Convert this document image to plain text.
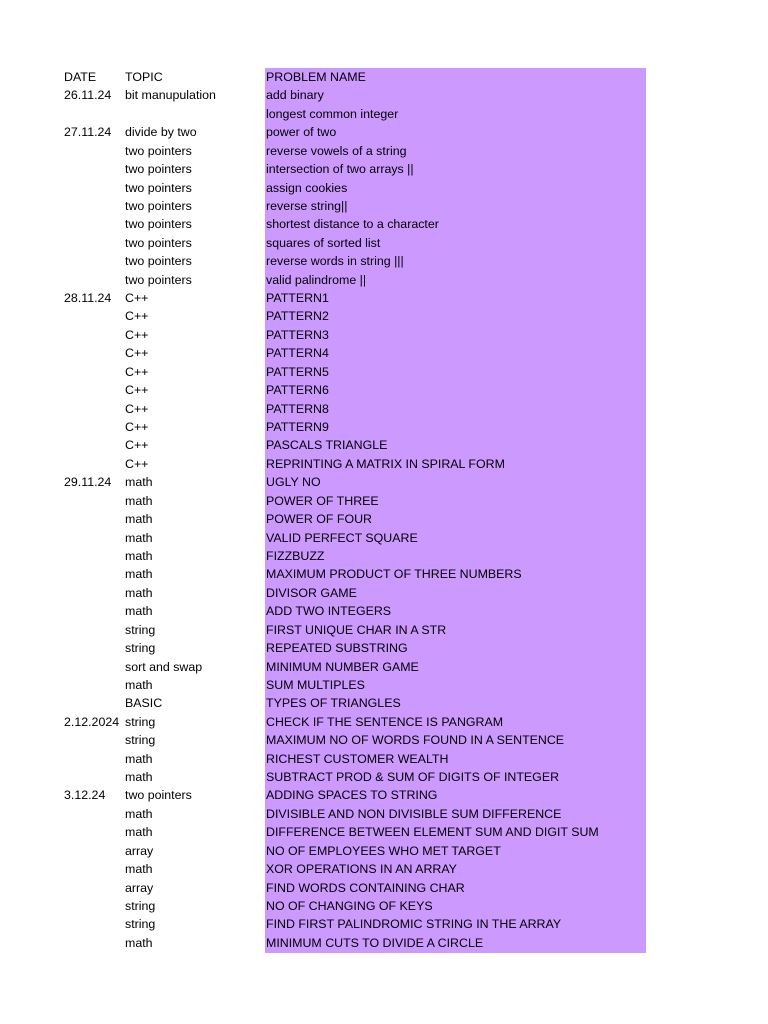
DATE TOPIC	PROBLEM NAME
26.11.24 bit manupulation	add binary
longest common integer
27.11.24 divide by two	power of two
two pointers	reverse vowels of a string
two pointers	intersection of two arrays ||
two pointers	assign cookies
two pointers	reverse string||
two pointers	shortest distance to a character
two pointers	squares of sorted list
two pointers	reverse words in string |||
two pointers	valid palindrome ||
28.11.24 C++	PATTERN1
C++	PATTERN2
C++	PATTERN3
C++	PATTERN4
C++	PATTERN5
C++	PATTERN6
C++	PATTERN8
C++	PATTERN9
C++	PASCALS TRIANGLE
C++	REPRINTING A MATRIX IN SPIRAL FORM
29.11.24 math	UGLY NO
math	POWER OF THREE
math	POWER OF FOUR
math	VALID PERFECT SQUARE
math	FIZZBUZZ
math	MAXIMUM PRODUCT OF THREE NUMBERS
math	DIVISOR GAME
math	ADD TWO INTEGERS
string	FIRST UNIQUE CHAR IN A STR
string	REPEATED SUBSTRING
sort and swap	MINIMUM NUMBER GAME
math	SUM MULTIPLES
BASIC	TYPES OF TRIANGLES
2.12.2024 string	CHECK IF THE SENTENCE IS PANGRAM
string	MAXIMUM NO OF WORDS FOUND IN A SENTENCE
math	RICHEST CUSTOMER WEALTH
math	SUBTRACT PROD & SUM OF DIGITS OF INTEGER
3.12.24 two pointers	ADDING SPACES TO STRING
math	DIVISIBLE AND NON DIVISIBLE SUM DIFFERENCE
math	DIFFERENCE BETWEEN ELEMENT SUM AND DIGIT SUM
array	NO OF EMPLOYEES WHO MET TARGET
math	XOR OPERATIONS IN AN ARRAY
array	FIND WORDS CONTAINING CHAR
string	NO OF CHANGING OF KEYS
string	FIND FIRST PALINDROMIC STRING IN THE ARRAY
math	MINIMUM CUTS TO DIVIDE A CIRCLE
